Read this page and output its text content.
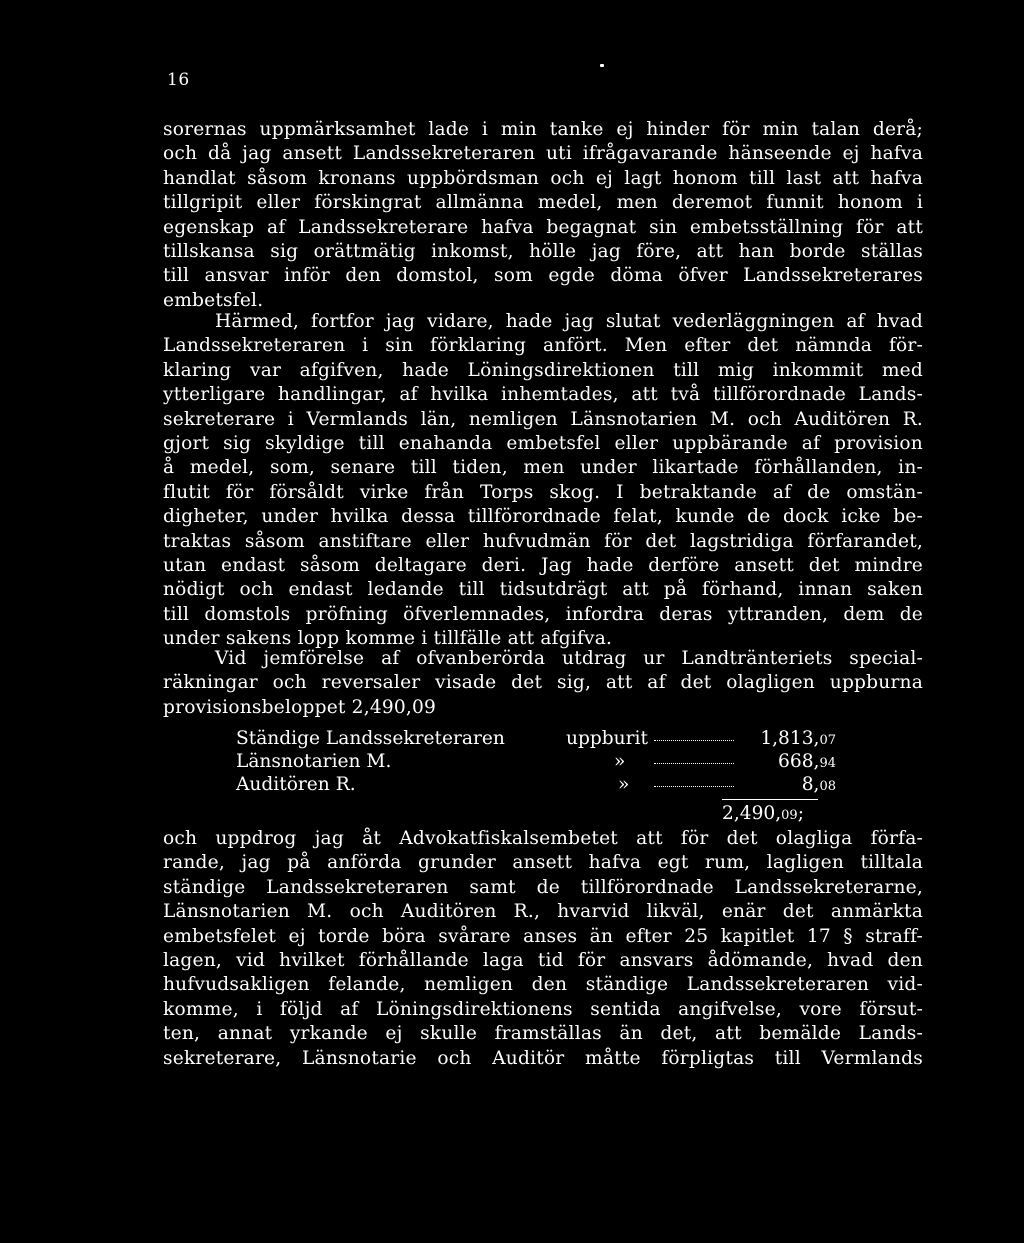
16
sorernas uppmärksamhet lade i min tanke ej hinder för min talan derå;
och då jag ansett Landssekreteraren uti ifrågavarande hänseende ej hafva
handlat såsom kronans uppbördsman och ej lagt honom till last att hafva
tillgripit eller förskingrat allmänna medel, men deremot funnit honom i
egenskap af Landssekreterare hafva begagnat sin embetsställning för att
tillskansa sig orättmätig inkomst, hölle jag före, att han borde ställas
till ansvar inför den domstol, som egde döma öfver Landssekreterares
embetsfel.
Härmed, fortfor jag vidare, hade jag slutat vederläggningen af hvad
Landssekreteraren i sin förklaring anfört. Men efter det nämnda för-
klaring var afgifven, hade Löningsdirektionen till mig inkommit med
ytterligare handlingar, af hvilka inhemtades, att två tillförordnade Lands-
sekreterare i Vermlands län, nemligen Länsnotarien M. och Auditören R.
gjort sig skyldige till enahanda embetsfel eller uppbärande af provision
å medel, som, senare till tiden, men under likartade förhållanden, in-
flutit för försåldt virke från Torps skog. I betraktande af de omstän-
digheter, under hvilka dessa tillförordnade felat, kunde de dock icke be-
traktas såsom anstiftare eller hufvudmän för det lagstridiga förfarandet,
utan endast såsom deltagare deri. Jag hade derföre ansett det mindre
nödigt och endast ledande till tidsutdrägt att på förhand, innan saken
till domstols pröfning öfverlemnades, infordra deras yttranden, dem de
under sakens lopp komme i tillfälle att afgifva.
Vid jemförelse af ofvanberörda utdrag ur Landtränteriets special-
räkningar och reversaler visade det sig, att af det olagligen uppburna
provisionsbeloppet 2,490,09
Ständige Landssekreteraren	uppburit	1,813,07
Länsnotarien M.	»	668,94
Auditören R.	»	8,08
2,490,09;
och uppdrog jag åt Advokatfiskalsembetet att för det olagliga förfa-
rande, jag på anförda grunder ansett hafva egt rum, lagligen tilltala
ständige Landssekreteraren samt de tillförordnade Landssekreterarne,
Länsnotarien M. och Auditören R., hvarvid likväl, enär det anmärkta
embetsfelet ej torde böra svårare anses än efter 25 kapitlet 17 § straff-
lagen, vid hvilket förhållande laga tid för ansvars ådömande, hvad den
hufvudsakligen felande, nemligen den ständige Landssekreteraren vid-
komme, i följd af Löningsdirektionens sentida angifvelse, vore försut-
ten, annat yrkande ej skulle framställas än det, att bemälde Lands-
sekreterare, Länsnotarie och Auditör måtte förpligtas till Vermlands
